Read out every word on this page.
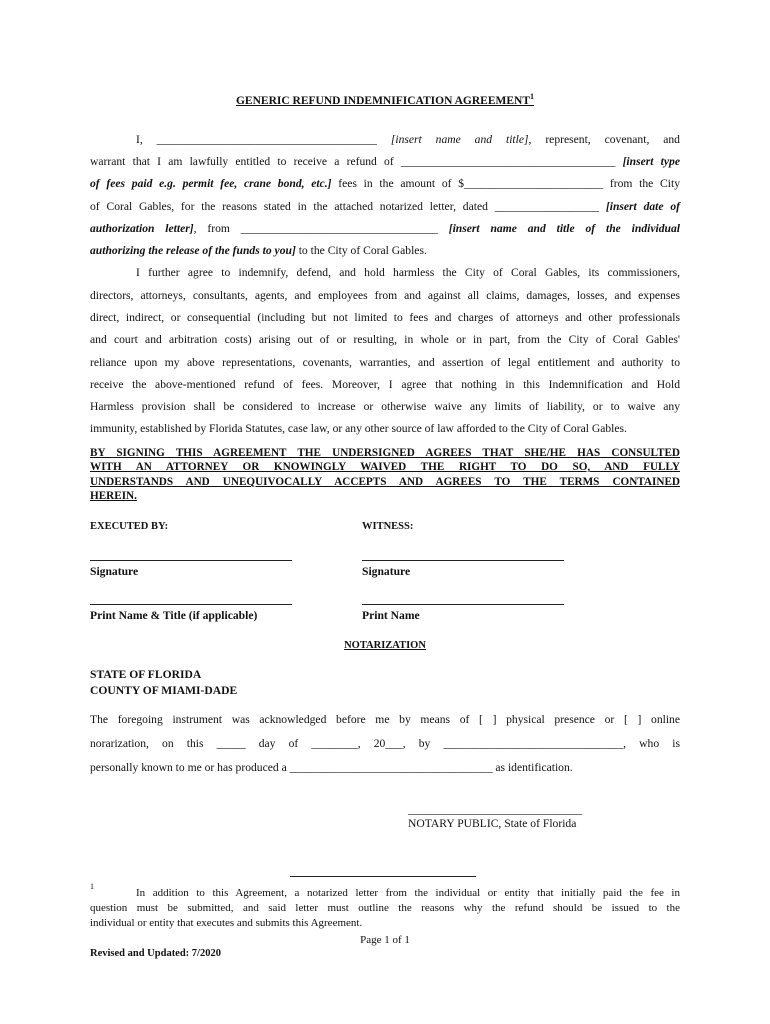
GENERIC REFUND INDEMNIFICATION AGREEMENT$^1$
I, ______________________________________ [insert name and title], represent, covenant, and
warrant that I am lawfully entitled to receive a refund of _____________________________________ [insert type
of fees paid e.g. permit fee, crane bond, etc.] fees in the amount of $________________________ from the City
of Coral Gables, for the reasons stated in the attached notarized letter, dated __________________ [insert date of
authorization letter], from __________________________________ [insert name and title of the individual
authorizing the release of the funds to you] to the City of Coral Gables.
I further agree to indemnify, defend, and hold harmless the City of Coral Gables, its commissioners,
directors, attorneys, consultants, agents, and employees from and against all claims, damages, losses, and expenses
direct, indirect, or consequential (including but not limited to fees and charges of attorneys and other professionals
and court and arbitration costs) arising out of or resulting, in whole or in part, from the City of Coral Gables'
reliance upon my above representations, covenants, warranties, and assertion of legal entitlement and authority to
receive the above-mentioned refund of fees. Moreover, I agree that nothing in this Indemnification and Hold
Harmless provision shall be considered to increase or otherwise waive any limits of liability, or to waive any
immunity, established by Florida Statutes, case law, or any other source of law afforded to the City of Coral Gables.
BY SIGNING THIS AGREEMENT THE UNDERSIGNED AGREES THAT SHE/HE HAS CONSULTED
WITH AN ATTORNEY OR KNOWINGLY WAIVED THE RIGHT TO DO SO, AND FULLY
UNDERSTANDS AND UNEQUIVOCALLY ACCEPTS AND AGREES TO THE TERMS CONTAINED
HEREIN.
EXECUTED BY:	WITNESS:
Signature	Signature
Print Name & Title (if applicable)	Print Name
NOTARIZATION
STATE OF FLORIDA
COUNTY OF MIAMI-DADE
The foregoing instrument was acknowledged before me by means of [ ] physical presence or [ ] online
norarization, on this _____ day of ________, 20___, by _______________________________, who is
personally known to me or has produced a ___________________________________ as identification.
______________________________
NOTARY PUBLIC, State of Florida
1
In addition to this Agreement, a notarized letter from the individual or entity that initially paid the fee in
question must be submitted, and said letter must outline the reasons why the refund should be issued to the
individual or entity that executes and submits this Agreement.
Page 1 of 1
Revised and Updated: 7/2020
